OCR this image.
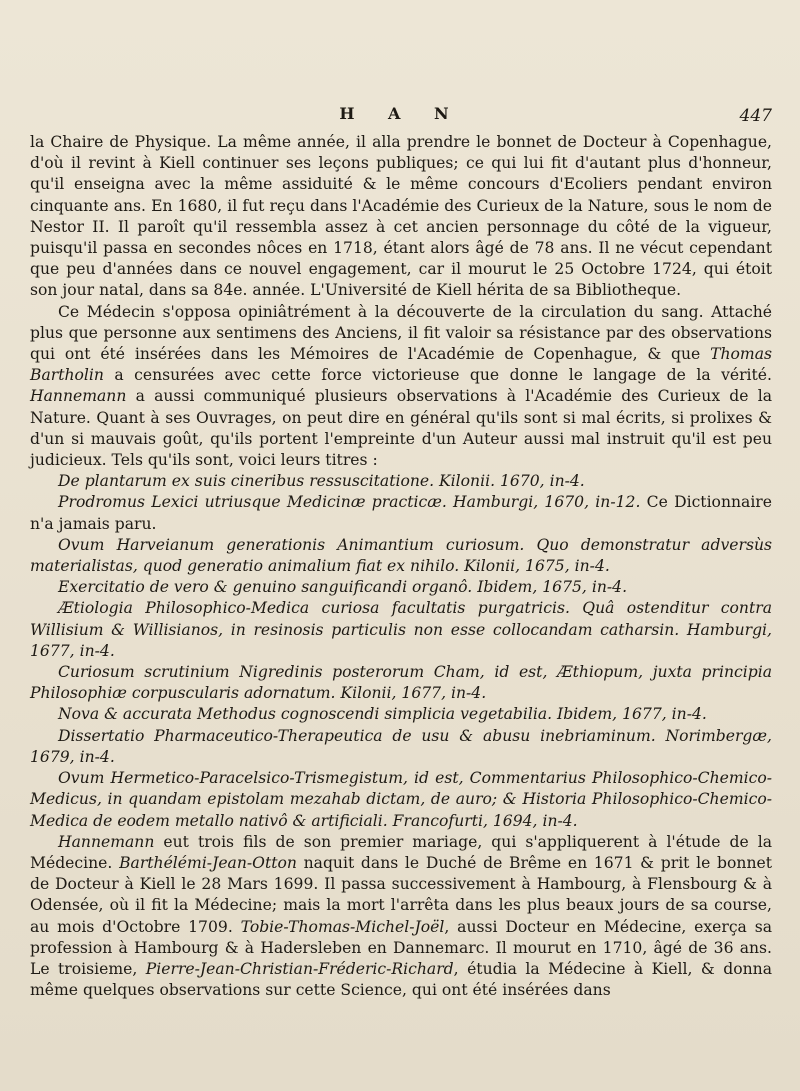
H A N	447

la Chaire de Physique. La même année, il alla prendre le bonnet de Docteur à Copenhague, d'où il revint à Kiell continuer ses leçons publiques; ce qui lui fit d'autant plus d'honneur, qu'il enseigna avec la même assiduité & le même concours d'Ecoliers pendant environ cinquante ans. En 1680, il fut reçu dans l'Académie des Curieux de la Nature, sous le nom de Nestor II. Il paroît qu'il ressembla assez à cet ancien personnage du côté de la vigueur, puisqu'il passa en secondes nôces en 1718, étant alors âgé de 78 ans. Il ne vécut cependant que peu d'années dans ce nouvel engagement, car il mourut le 25 Octobre 1724, qui étoit son jour natal, dans sa 84e. année. L'Université de Kiell hérita de sa Bibliotheque.

Ce Médecin s'opposa opiniâtrément à la découverte de la circulation du sang. Attaché plus que personne aux sentimens des Anciens, il fit valoir sa résistance par des observations qui ont été insérées dans les Mémoires de l'Académie de Copenhague, & que Thomas Bartholin a censurées avec cette force victorieuse que donne le langage de la vérité. Hannemann a aussi communiqué plusieurs observations à l'Académie des Curieux de la Nature. Quant à ses Ouvrages, on peut dire en général qu'ils sont si mal écrits, si prolixes & d'un si mauvais goût, qu'ils portent l'empreinte d'un Auteur aussi mal instruit qu'il est peu judicieux. Tels qu'ils sont, voici leurs titres :

De plantarum ex suis cineribus ressuscitatione. Kilonii. 1670, in-4.

Prodromus Lexici utriusque Medicinæ practicæ. Hamburgi, 1670, in-12. Ce Dictionnaire n'a jamais paru.

Ovum Harveianum generationis Animantium curiosum. Quo demonstratur adversùs materialistas, quod generatio animalium fiat ex nihilo. Kilonii, 1675, in-4.

Exercitatio de vero & genuino sanguificandi organô. Ibidem, 1675, in-4.

Ætiologia Philosophico-Medica curiosa facultatis purgatricis. Quâ ostenditur contra Willisium & Willisianos, in resinosis particulis non esse collocandam catharsin. Hamburgi, 1677, in-4.

Curiosum scrutinium Nigredinis posterorum Cham, id est, Æthiopum, juxta principia Philosophiæ corpuscularis adornatum. Kilonii, 1677, in-4.

Nova & accurata Methodus cognoscendi simplicia vegetabilia. Ibidem, 1677, in-4.

Dissertatio Pharmaceutico-Therapeutica de usu & abusu inebriaminum. Norimbergæ, 1679, in-4.

Ovum Hermetico-Paracelsico-Trismegistum, id est, Commentarius Philosophico-Chemico-Medicus, in quandam epistolam mezahab dictam, de auro; & Historia Philosophico-Chemico-Medica de eodem metallo nativô & artificiali. Francofurti, 1694, in-4.

Hannemann eut trois fils de son premier mariage, qui s'appliquerent à l'étude de la Médecine. Barthélémi-Jean-Otton naquit dans le Duché de Brême en 1671 & prit le bonnet de Docteur à Kiell le 28 Mars 1699. Il passa successivement à Hambourg, à Flensbourg & à Odensée, où il fit la Médecine; mais la mort l'arrêta dans les plus beaux jours de sa course, au mois d'Octobre 1709. Tobie-Thomas-Michel-Joël, aussi Docteur en Médecine, exerça sa profession à Hambourg & à Hadersleben en Dannemarc. Il mourut en 1710, âgé de 36 ans. Le troisieme, Pierre-Jean-Christian-Fréderic-Richard, étudia la Médecine à Kiell, & donna même quelques observations sur cette Science, qui ont été insérées dans
